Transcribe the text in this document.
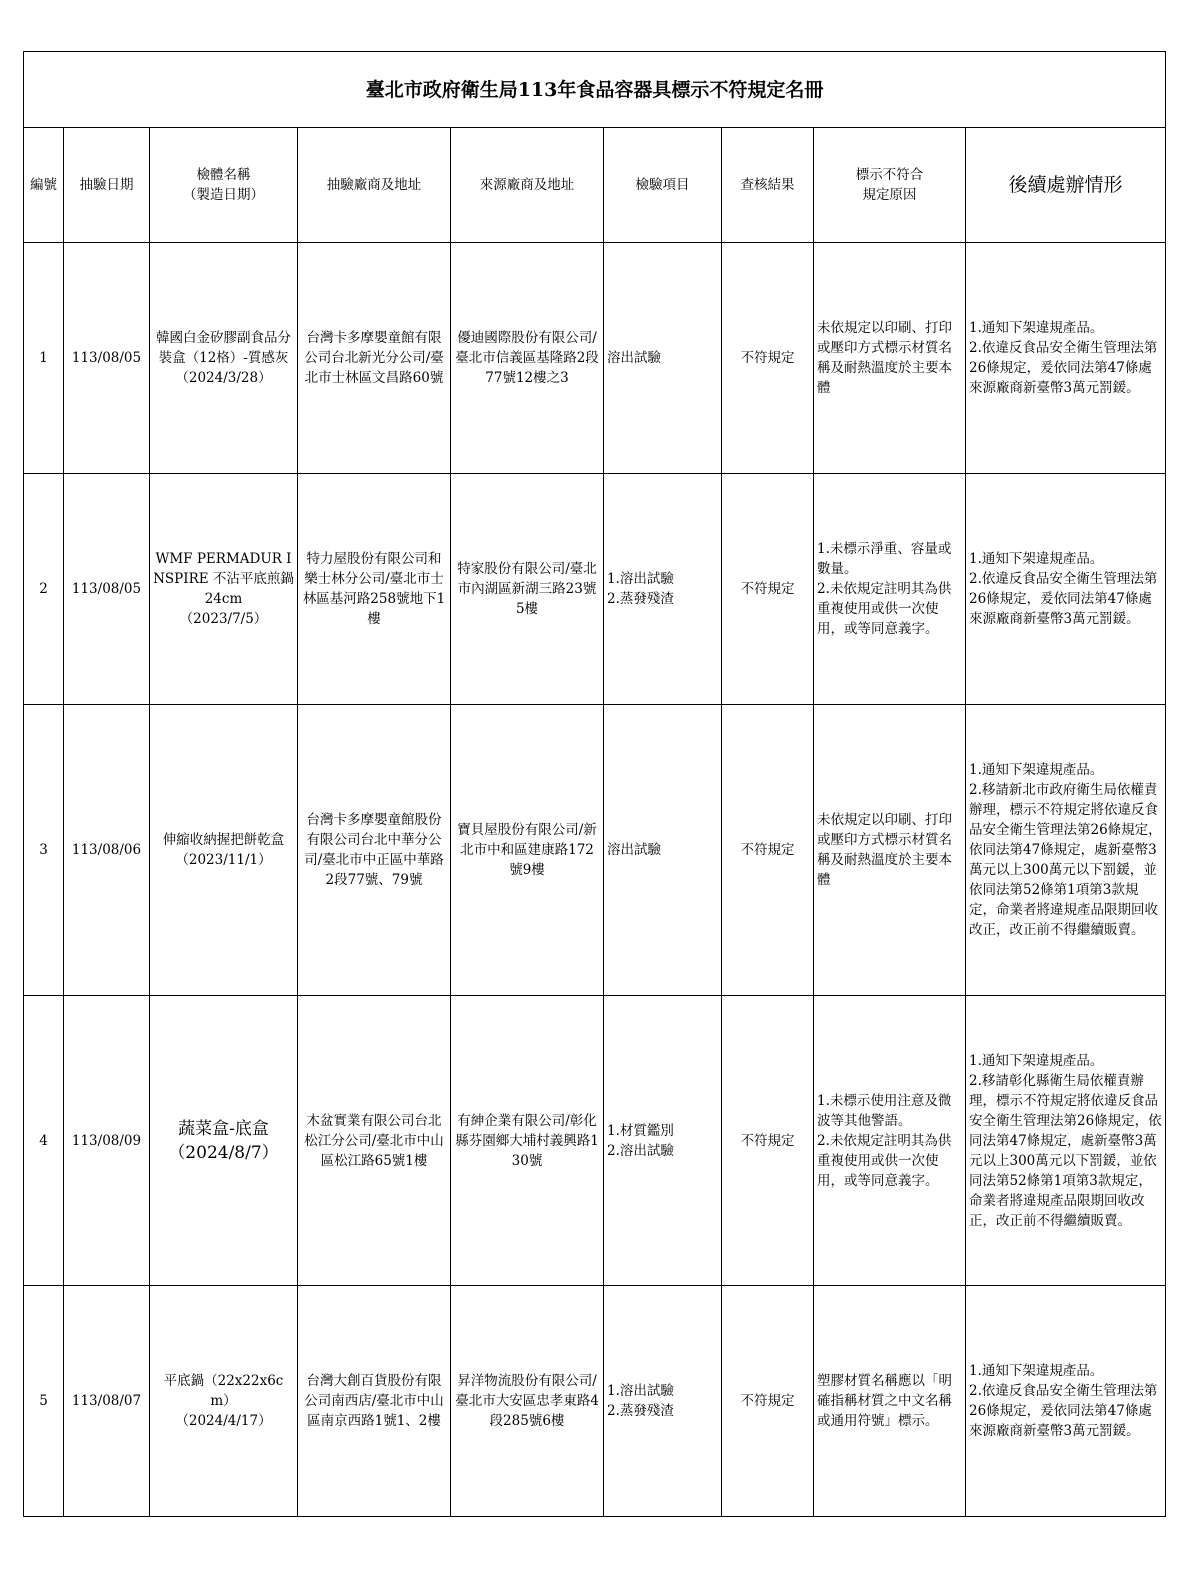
臺北市政府衛生局113年食品容器具標示不符規定名冊								
編號	抽驗日期	檢體名稱
（製造日期）	抽驗廠商及地址	來源廠商及地址	檢驗項目	查核結果	標示不符合
規定原因	後續處辦情形
1	113/08/05	韓國白金矽膠副食品分裝盒（12格）-質感灰
（2024/3/28）	台灣卡多摩嬰童館有限公司台北新光分公司/臺北市士林區文昌路60號	優迪國際股份有限公司/臺北市信義區基隆路2段77號12樓之3	溶出試驗	不符規定	未依規定以印刷、打印或壓印方式標示材質名稱及耐熱溫度於主要本體	1.通知下架違規產品。
2.依違反食品安全衛生管理法第26條規定，爰依同法第47條處來源廠商新臺幣3萬元罰鍰。
2	113/08/05	WMF PERMADUR INSPIRE 不沾平底煎鍋24cm
（2023/7/5）	特力屋股份有限公司和樂士林分公司/臺北市士林區基河路258號地下1樓	特家股份有限公司/臺北市內湖區新湖三路23號5樓	1.溶出試驗
2.蒸發殘渣	不符規定	1.未標示淨重、容量或數量。
2.未依規定註明其為供重複使用或供一次使用，或等同意義字。	1.通知下架違規產品。
2.依違反食品安全衛生管理法第26條規定，爰依同法第47條處來源廠商新臺幣3萬元罰鍰。
3	113/08/06	伸縮收納握把餅乾盒
（2023/11/1）	台灣卡多摩嬰童館股份有限公司台北中華分公司/臺北市中正區中華路2段77號、79號	寶貝屋股份有限公司/新北市中和區建康路172號9樓	溶出試驗	不符規定	未依規定以印刷、打印或壓印方式標示材質名稱及耐熱溫度於主要本體	1.通知下架違規產品。
2.移請新北市政府衛生局依權責辦理，標示不符規定將依違反食品安全衛生管理法第26條規定，依同法第47條規定，處新臺幣3萬元以上300萬元以下罰鍰，並依同法第52條第1項第3款規定，命業者將違規產品限期回收改正，改正前不得繼續販賣。
4	113/08/09	蔬菜盒-底盒
（2024/8/7）	木盆實業有限公司台北松江分公司/臺北市中山區松江路65號1樓	有紳企業有限公司/彰化縣芬園鄉大埔村義興路130號	1.材質鑑別
2.溶出試驗	不符規定	1.未標示使用注意及微波等其他警語。
2.未依規定註明其為供重複使用或供一次使用，或等同意義字。	1.通知下架違規產品。
2.移請彰化縣衛生局依權責辦理，標示不符規定將依違反食品安全衛生管理法第26條規定，依同法第47條規定，處新臺幣3萬元以上300萬元以下罰鍰，並依同法第52條第1項第3款規定，命業者將違規產品限期回收改正，改正前不得繼續販賣。
5	113/08/07	平底鍋（22x22x6cm）
（2024/4/17）	台灣大創百貨股份有限公司南西店/臺北市中山區南京西路1號1、2樓	昇洋物流股份有限公司/臺北市大安區忠孝東路4段285號6樓	1.溶出試驗
2.蒸發殘渣	不符規定	塑膠材質名稱應以「明確指稱材質之中文名稱或通用符號」標示。	1.通知下架違規產品。
2.依違反食品安全衛生管理法第26條規定，爰依同法第47條處來源廠商新臺幣3萬元罰鍰。
